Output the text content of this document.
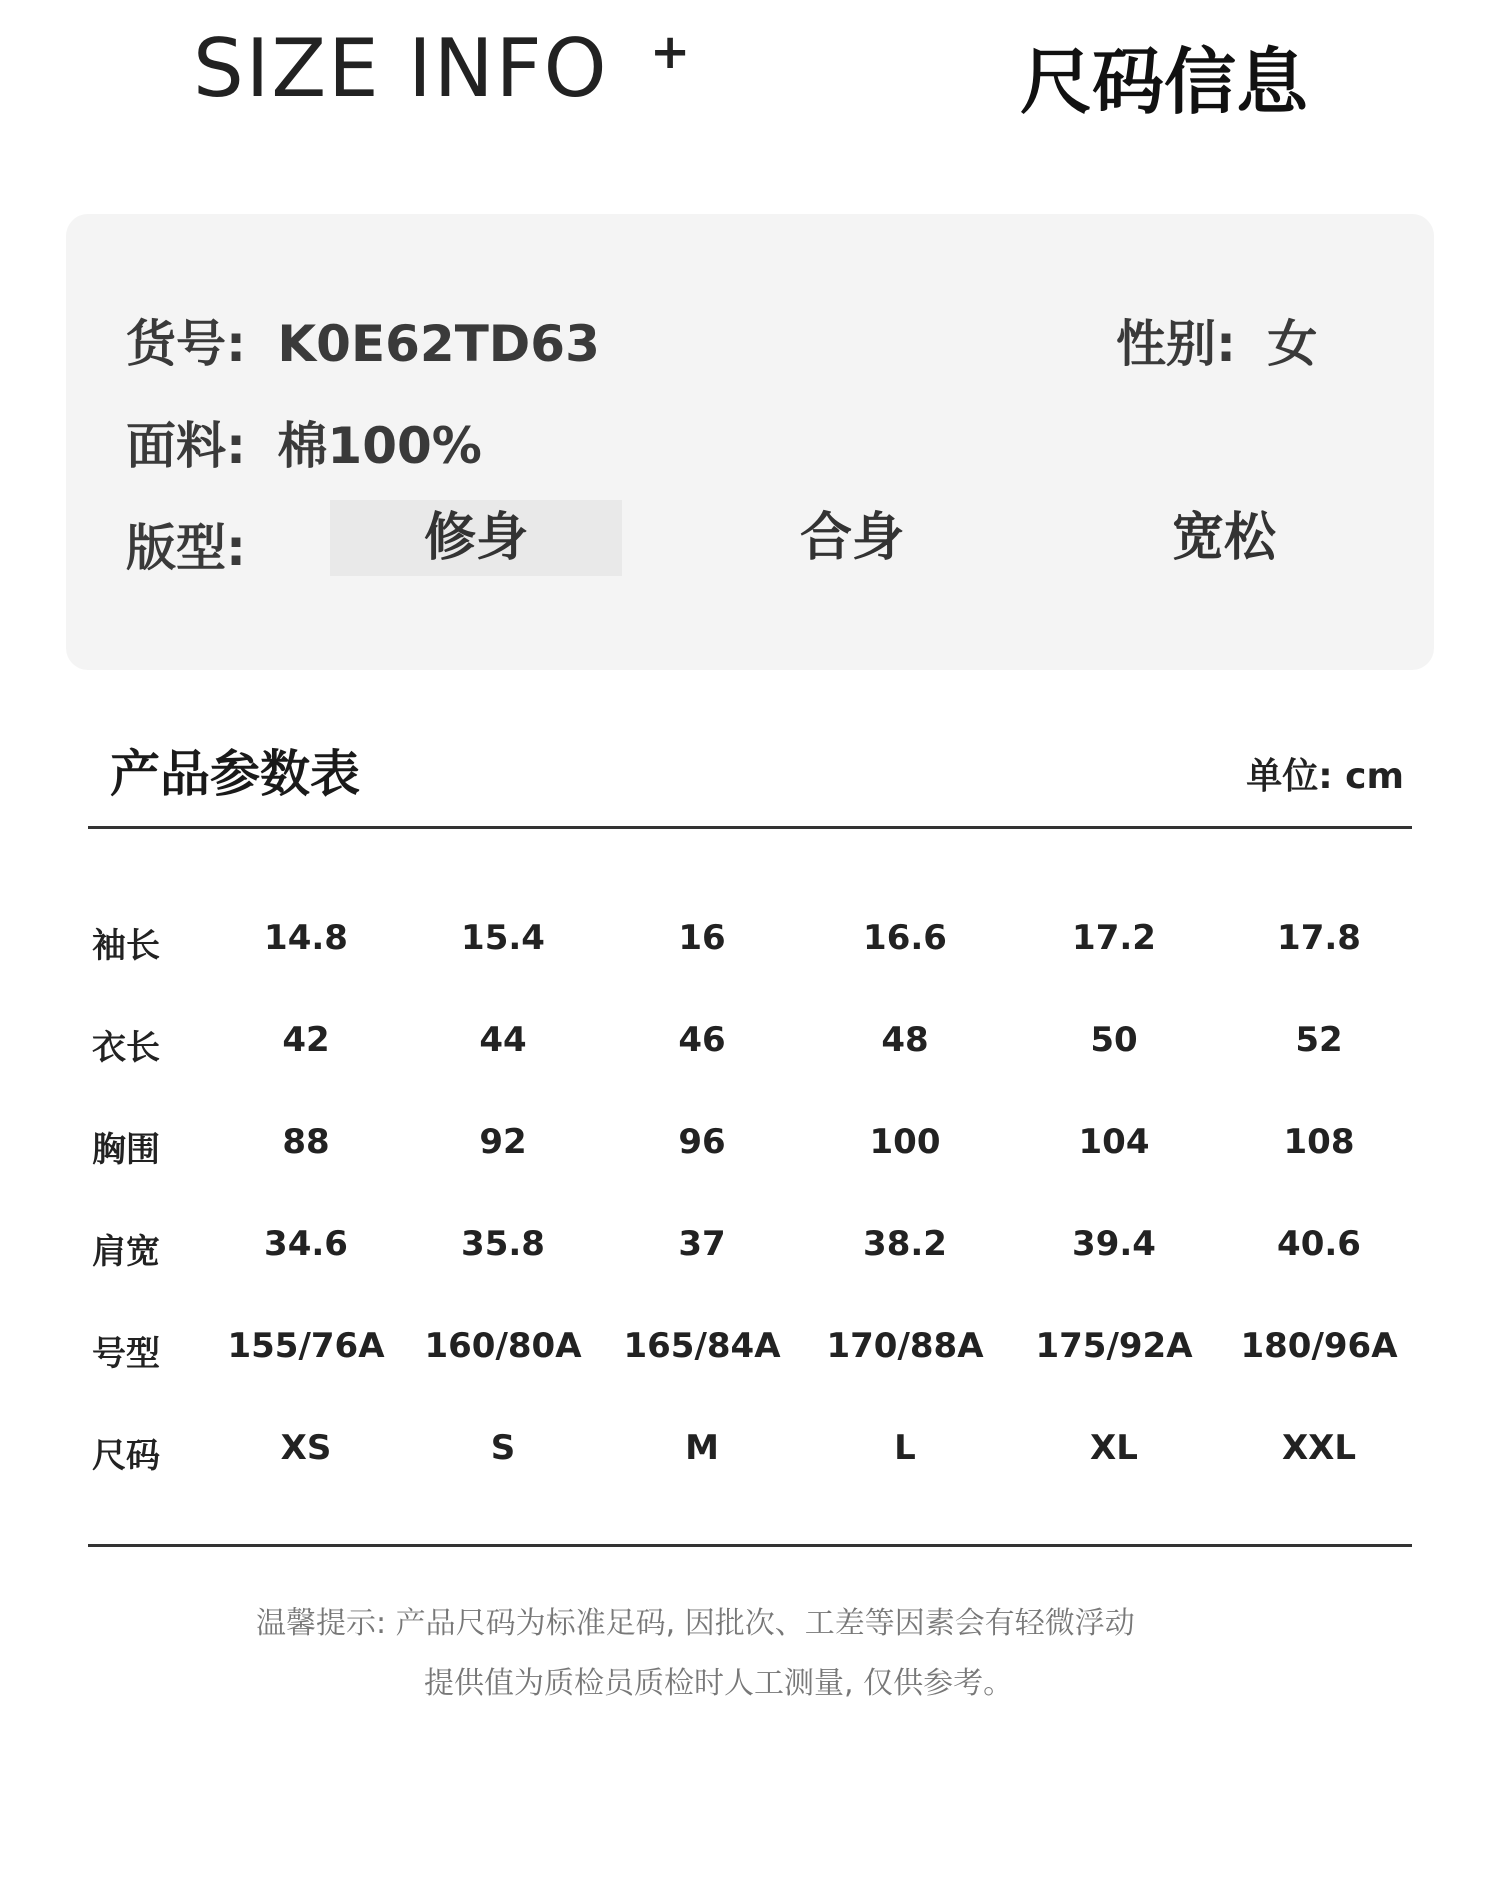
SIZE INFO +	尺码信息
货号: K0E62TD63	性别: 女
面料: 棉100%
版型:	修身	合身	宽松
产品参数表	单位: cm
袖长	14.8	15.4	16	16.6	17.2	17.8
衣长	42	44	46	48	50	52
胸围	88	92	96	100	104	108
肩宽	34.6	35.8	37	38.2	39.4	40.6
号型	155/76A	160/80A	165/84A	170/88A	175/92A	180/96A
尺码	XS	S	M	L	XL	XXL
温馨提示: 产品尺码为标准足码, 因批次、工差等因素会有轻微浮动
提供值为质检员质检时人工测量, 仅供参考。
